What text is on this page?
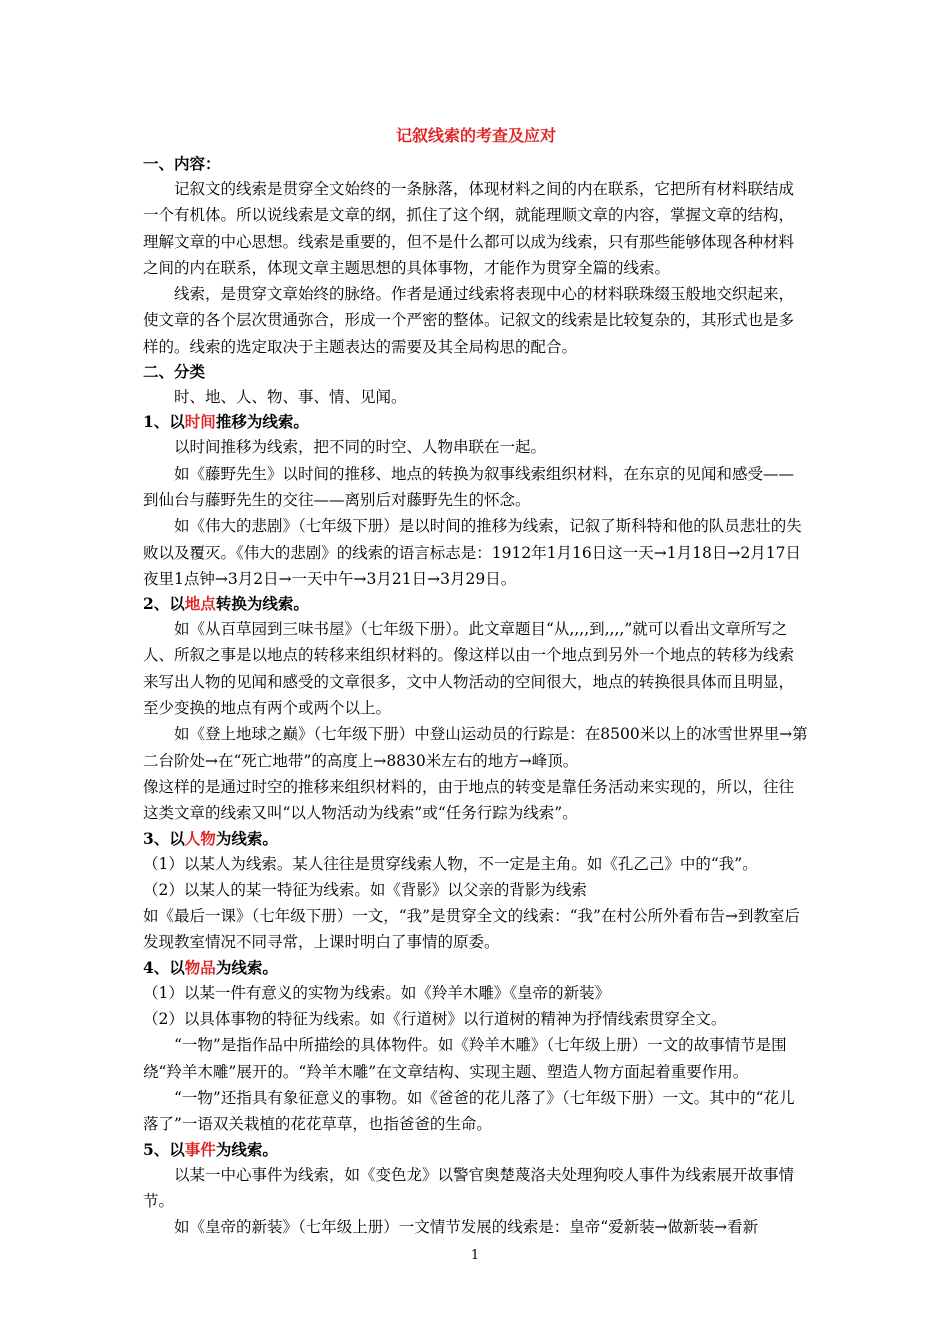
记叙线索的考查及应对
一、内容：
记叙文的线索是贯穿全文始终的一条脉落，体现材料之间的内在联系，它把所有材料联结成一个有机体。所以说线索是文章的纲，抓住了这个纲，就能理顺文章的内容，掌握文章的结构，理解文章的中心思想。线索是重要的，但不是什么都可以成为线索，只有那些能够体现各种材料之间的内在联系，体现文章主题思想的具体事物，才能作为贯穿全篇的线索。
线索，是贯穿文章始终的脉络。作者是通过线索将表现中心的材料联珠缀玉般地交织起来，使文章的各个层次贯通弥合，形成一个严密的整体。记叙文的线索是比较复杂的，其形式也是多样的。线索的选定取决于主题表达的需要及其全局构思的配合。
二、分类
时、地、人、物、事、情、见闻。
1、以时间推移为线索。
以时间推移为线索，把不同的时空、人物串联在一起。
如《藤野先生》以时间的推移、地点的转换为叙事线索组织材料，在东京的见闻和感受——到仙台与藤野先生的交往——离别后对藤野先生的怀念。
如《伟大的悲剧》（七年级下册）是以时间的推移为线索，记叙了斯科特和他的队员悲壮的失败以及覆灭。《伟大的悲剧》的线索的语言标志是：1912年1月16日这一天→1月18日→2月17日夜里1点钟→3月2日→一天中午→3月21日→3月29日。
2、以地点转换为线索。
如《从百草园到三味书屋》（七年级下册）。此文章题目“从,,,,到,,,,”就可以看出文章所写之人、所叙之事是以地点的转移来组织材料的。像这样以由一个地点到另外一个地点的转移为线索来写出人物的见闻和感受的文章很多，文中人物活动的空间很大，地点的转换很具体而且明显，至少变换的地点有两个或两个以上。
如《登上地球之巅》（七年级下册）中登山运动员的行踪是：在8500米以上的冰雪世界里→第二台阶处→在“死亡地带”的高度上→8830米左右的地方→峰顶。
像这样的是通过时空的推移来组织材料的，由于地点的转变是靠任务活动来实现的，所以，往往这类文章的线索又叫“以人物活动为线索”或“任务行踪为线索”。
3、以人物为线索。
（1）以某人为线索。某人往往是贯穿线索人物，不一定是主角。如《孔乙己》中的“我”。
（2）以某人的某一特征为线索。如《背影》以父亲的背影为线索
如《最后一课》（七年级下册）一文，“我”是贯穿全文的线索：“我”在村公所外看布告→到教室后发现教室情况不同寻常，上课时明白了事情的原委。
4、以物品为线索。
（1）以某一件有意义的实物为线索。如《羚羊木雕》《皇帝的新装》
（2）以具体事物的特征为线索。如《行道树》以行道树的精神为抒情线索贯穿全文。
“一物”是指作品中所描绘的具体物件。如《羚羊木雕》（七年级上册）一文的故事情节是围绕“羚羊木雕”展开的。“羚羊木雕”在文章结构、实现主题、塑造人物方面起着重要作用。
“一物”还指具有象征意义的事物。如《爸爸的花儿落了》（七年级下册）一文。其中的“花儿落了”一语双关栽植的花花草草，也指爸爸的生命。
5、以事件为线索。
以某一中心事件为线索，如《变色龙》以警官奥楚蔑洛夫处理狗咬人事件为线索展开故事情节。
如《皇帝的新装》（七年级上册）一文情节发展的线索是：皇帝“爱新装→做新装→看新
1
